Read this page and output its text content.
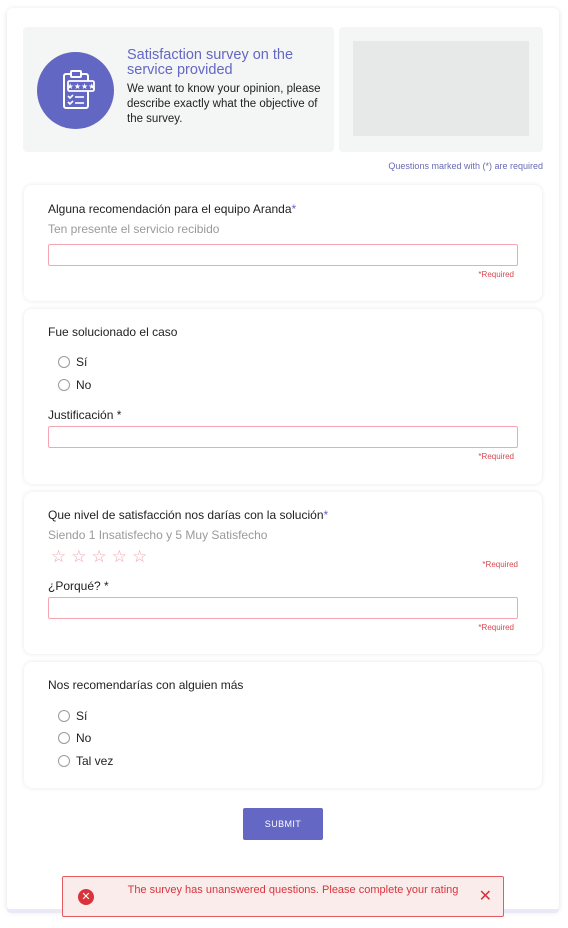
★★★★
Satisfaction survey on the service provided
We want to know your opinion, please describe exactly what the objective of the survey.
Questions marked with (*) are required
Alguna recomendación para el equipo Aranda*
Ten presente el servicio recibido
*Required
Fue solucionado el caso
Sí
No
Justificación *
*Required
Que nivel de satisfacción nos darías con la solución*
Siendo 1 Insatisfecho y 5 Muy Satisfecho
☆ ☆ ☆ ☆ ☆	*Required
¿Porqué? *
*Required
Nos recomendarías con alguien más
Sí
No
Tal vez
SUBMIT
✕	The survey has unanswered questions. Please complete your rating ✕
